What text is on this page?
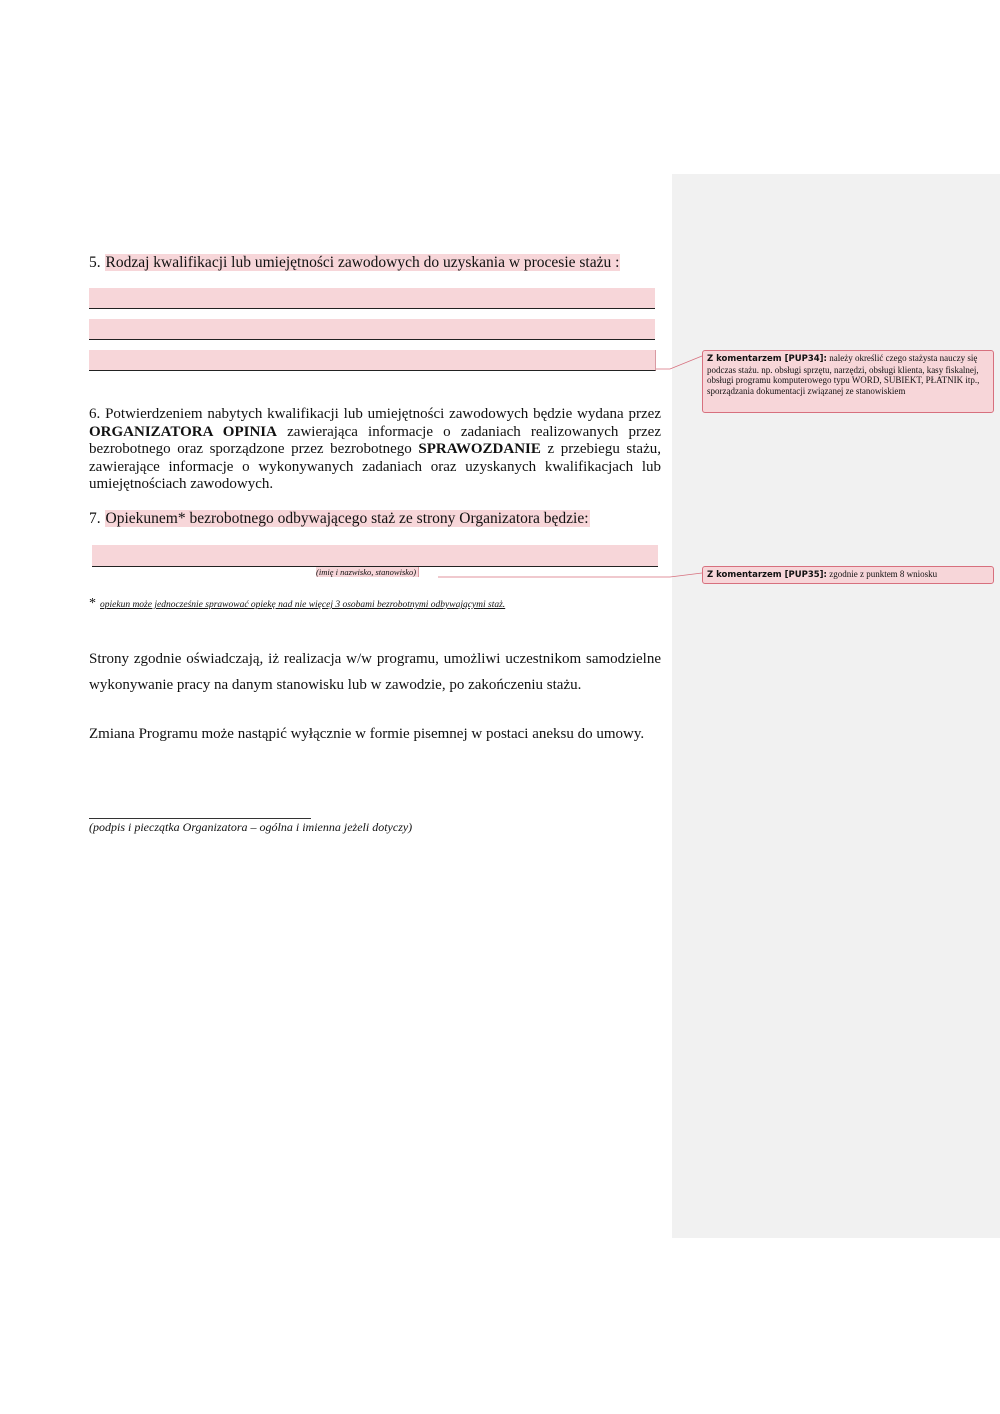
5. Rodzaj kwalifikacji lub umiejętności zawodowych do uzyskania w procesie stażu :
6. Potwierdzeniem nabytych kwalifikacji lub umiejętności zawodowych będzie wydana przez ORGANIZATORA OPINIA zawierająca informacje o zadaniach realizowanych przez bezrobotnego oraz sporządzone przez bezrobotnego SPRAWOZDANIE z przebiegu stażu, zawierające informacje o wykonywanych zadaniach oraz uzyskanych kwalifikacjach lub umiejętnościach zawodowych.
7. Opiekunem* bezrobotnego odbywającego staż ze strony Organizatora będzie:
(imię i nazwisko, stanowisko)
* opiekun może jednocześnie sprawować opiekę nad nie więcej 3 osobami bezrobotnymi odbywającymi staż.
Strony zgodnie oświadczają, iż realizacja w/w programu, umożliwi uczestnikom samodzielne wykonywanie pracy na danym stanowisku lub w zawodzie, po zakończeniu stażu.
Zmiana Programu może nastąpić wyłącznie w formie pisemnej w postaci aneksu do umowy.
(podpis i pieczątka Organizatora – ogólna i imienna jeżeli dotyczy)
Z komentarzem [PUP34]: należy określić czego stażysta nauczy się podczas stażu. np. obsługi sprzętu, narzędzi, obsługi klienta, kasy fiskalnej, obsługi programu komputerowego typu WORD, SUBIEKT, PŁATNIK itp., sporządzania dokumentacji związanej ze stanowiskiem
Z komentarzem [PUP35]: zgodnie z punktem 8 wniosku
